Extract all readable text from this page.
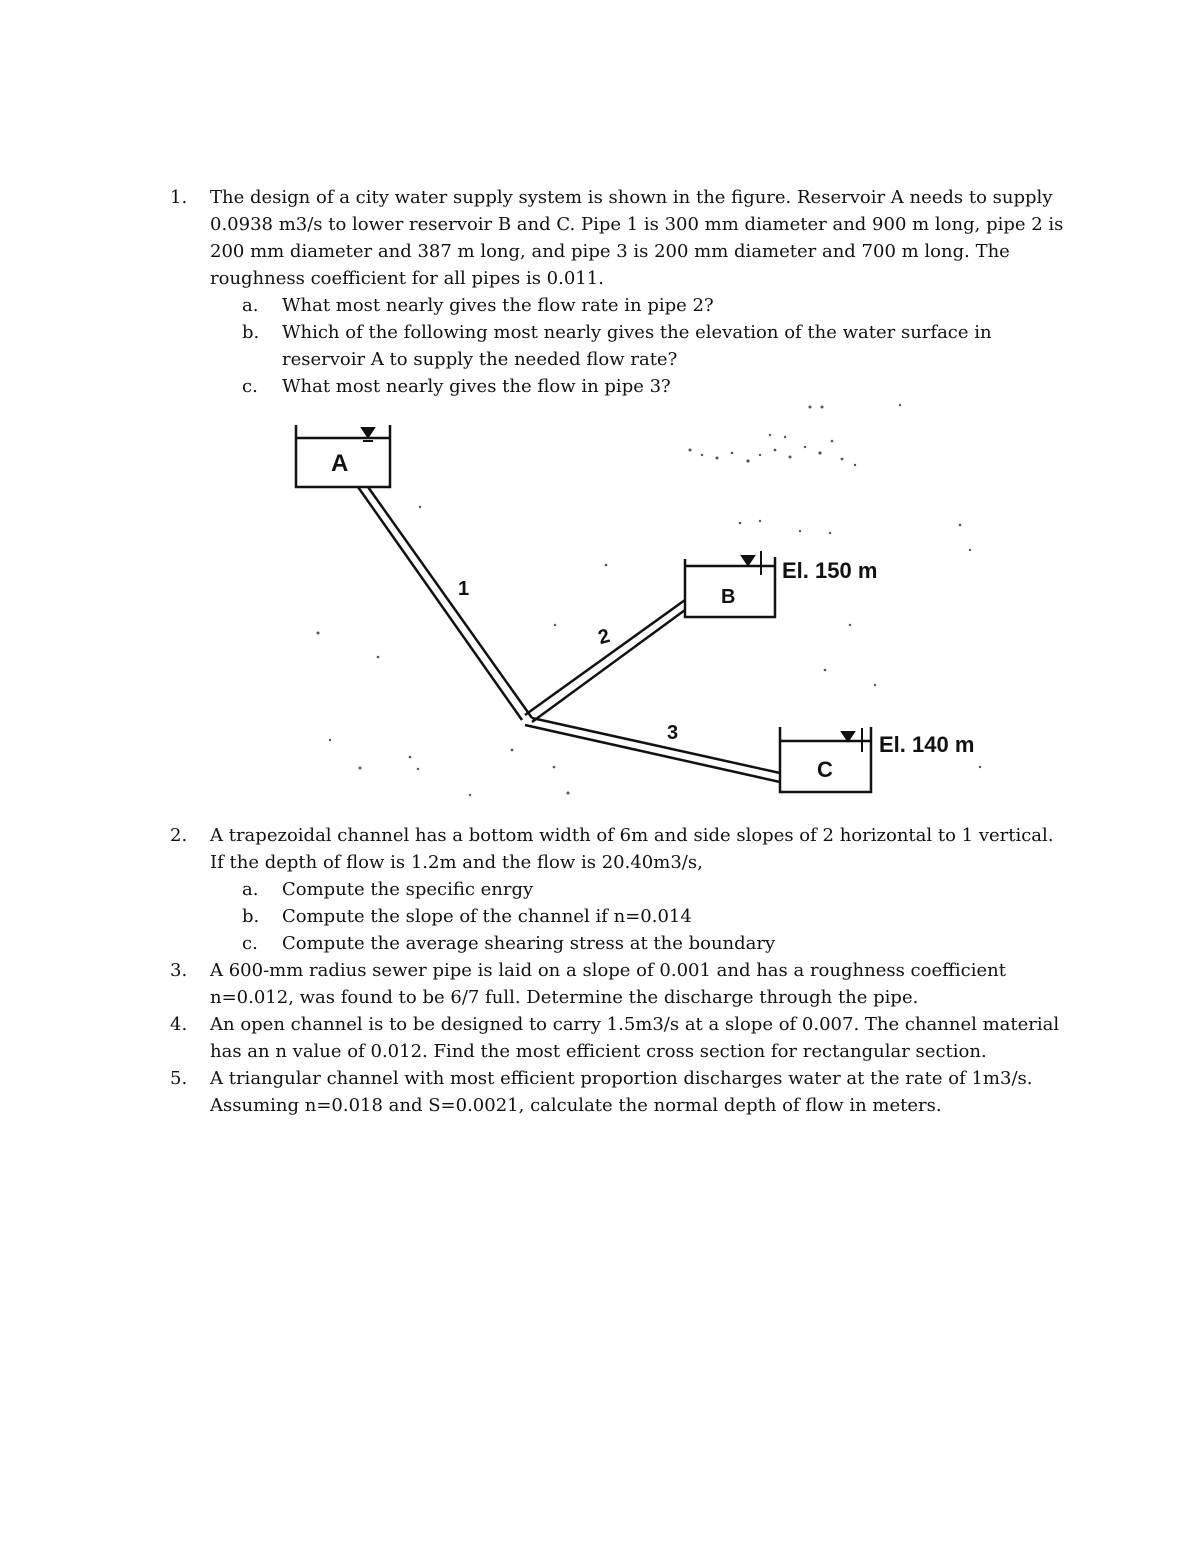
1.	The design of a city water supply system is shown in the figure. Reservoir A needs to supply 0.0938 m3/s to lower reservoir B and C. Pipe 1 is 300 mm diameter and 900 m long, pipe 2 is 200 mm diameter and 387 m long, and pipe 3 is 200 mm diameter and 700 m long. The roughness coefficient for all pipes is 0.011.
a.	What most nearly gives the flow rate in pipe 2?
b.	Which of the following most nearly gives the elevation of the water surface in reservoir A to supply the needed flow rate?
c.	What most nearly gives the flow in pipe 3?
A
B
C
1
2
3
El. 150 m
El. 140 m
2.	A trapezoidal channel has a bottom width of 6m and side slopes of 2 horizontal to 1 vertical. If the depth of flow is 1.2m and the flow is 20.40m3/s,
a.	Compute the specific enrgy
b.	Compute the slope of the channel if n=0.014
c.	Compute the average shearing stress at the boundary
3.	A 600-mm radius sewer pipe is laid on a slope of 0.001 and has a roughness coefficient n=0.012, was found to be 6/7 full. Determine the discharge through the pipe.
4.	An open channel is to be designed to carry 1.5m3/s at a slope of 0.007. The channel material has an n value of 0.012. Find the most efficient cross section for rectangular section.
5.	A triangular channel with most efficient proportion discharges water at the rate of 1m3/s. Assuming n=0.018 and S=0.0021, calculate the normal depth of flow in meters.
